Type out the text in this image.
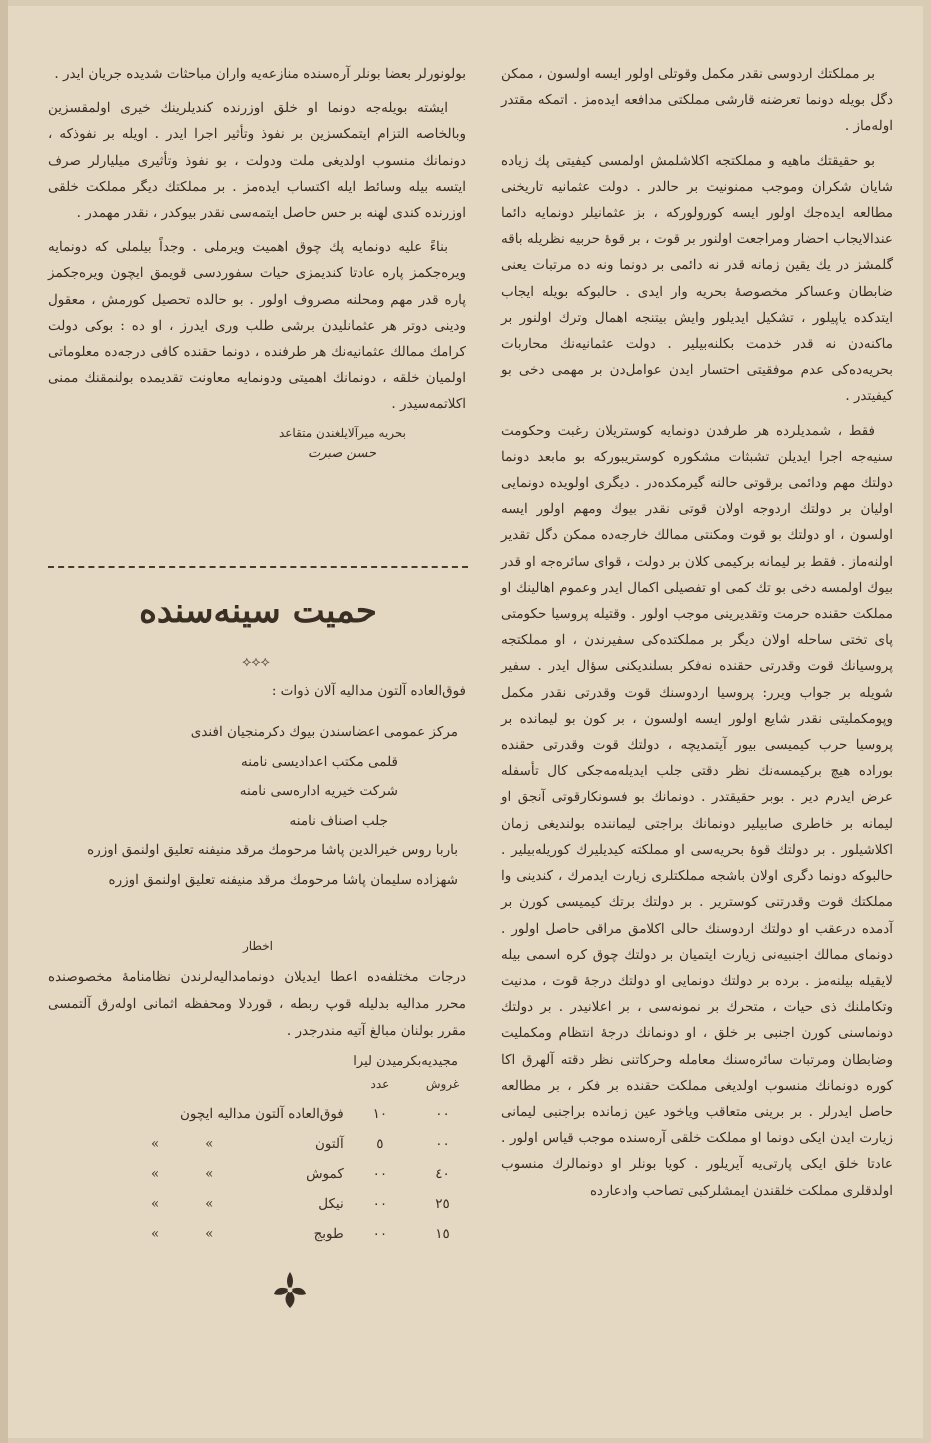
بر مملکتك اردوسی نقدر مکمل وقوتلی اولور ایسه اولسون ، ممکن دگل بویله دونما تعرضنه قارشی مملکتی مدافعه ایده‌مز . اتمکه مقتدر اوله‌ماز .

بو حقیقتك ماهیه و مملکتجه اکلاشلمش اولمسی کیفیتی پك زیاده شایان شکران وموجب ممنونیت بر حالدر . دولت عثمانیه تاریخنی مطالعه ایده‌جك اولور ایسه کورولورکه ، بز عثمانیلر دونمایه دائما عندالایجاب احضار ومراجعت اولنور بر قوت ، بر قوهٔ حربیه نظریله باقه‌ گلمشز در یك یقین زمانه قدر نه دائمی بر دونما ونه ده مرتبات یعنی ضابطان وعساکر مخصوصهٔ بحریه وار ایدی . حالبوکه بویله ایجاب ایتدکده یاپیلور ، تشکیل ایدیلور وایش بیتنجه اهمال وترك اولنور بر ماکنه‌دن نه قدر خدمت بکلنه‌بیلیر . دولت عثمانیه‌نك محاربات بحریه‌ده‌کی عدم موفقیتی احتسار ایدن عوامل‌دن بر مهمی دخی بو کیفیتدر .

فقط ، شمدیلرده هر طرفدن دونمایه کوستریلان رغبت وحکومت سنیه‌جه اجرا ایدیلن تشبثات مشکوره کوستریبورکه بو مابعد دونما دولتك مهم ودائمی برقوتی حالنه گیرمکده‌در . دیگری اولویده دونمایی اولیان بر دولتك اردوجه اولان قوتی نقدر بیوك ومهم اولور ایسه اولسون ، او دولتك بو قوت ومکنتی ممالك خارجه‌ده ممکن دگل تقدیر اولنه‌ماز . فقط بر لیمانه برکیمی کلان بر دولت ، قوای سائره‌جه او قدر بیوك اولمسه دخی بو تك کمی او تفصیلی اکمال ایدر وعموم اهالینك او مملکت حقنده حرمت وتقدیرینی موجب اولور . وقتیله پروسیا حکومتی پای تختی ساحله اولان دیگر بر مملکتده‌کی سفیرندن ، او مملکتجه پروسیانك قوت وقدرتی حقنده نه‌فکر بسلندیکنی سؤال ایدر . سفیر شویله بر جواب ویرر: پروسیا اردوسنك قوت وقدرتی نقدر مکمل وپومکملیتی نقدر شایع اولور ایسه اولسون ، بر کون بو لیمانده بر پروسیا حرب کیمیسی بیور آیتمدیچه ، دولتك قوت وقدرتی حقنده بوراده هیچ برکیمسه‌نك نظر دقتی جلب ایدیله‌مه‌جکی کال تأسفله عرض ایدرم دیر . بوبر حقیقتدر . دونمانك بو فسونکارقوتی آنجق او لیمانه بر خاطری صابیلیر دونمانك براجتی لیماننده بولندیغی زمان اکلاشیلور . بر دولتك قوهٔ بحریه‌سی او مملکته کیدیلیرك کوریله‌بیلیر . حالبوکه دونما دگری اولان باشجه مملکتلری زیارت ایدمرك ، کندینی وا مملکتك قوت وقدرتنی کوستریر . بر دولتك برتك کیمیسی کورن بر آدمده درعقب او دولتك اردوسنك حالی اکلامق مراقی حاصل اولور . دونمای ممالك اجنبیه‌نی زیارت ایتمیان بر دولتك چوق کره اسمی بیله لایقیله بیلنه‌مز . برده بر دولتك دونمایی او دولتك درجهٔ قوت ، مدنیت وتکاملنك ذی حیات ، متحرك بر نمونه‌سی ، بر اعلانیدر . بر دولتك دونماسنی کورن اجنبی بر خلق ، او دونمانك درجهٔ انتظام ومکملیت وضابطان ومرتبات سائره‌سنك معامله وحرکاتنی نظر دقته آلهرق اکا کوره دونمانك منسوب اولدیغی مملکت حقنده بر فکر ، بر مطالعه حاصل ایدرلر . بر برینی متعاقب ویاخود عین زمانده براجنبی لیمانی زیارت ایدن ایکی دونما او مملکت خلقی آره‌سنده موجب قیاس اولور . عادتا خلق ایکی پارتی‌یه آیریلور . کویا بونلر او دونمالرك منسوب اولدقلری مملکت خلقندن ایمشلرکبی تصاحب وادعا‌رده

بولونورلر بعضا بونلر آره‌سنده منازعه‌یه واران مباحثات شدیده جریان ایدر .

ایشته بویله‌جه دونما او خلق اوزرنده کندیلرینك خیری اولمقسزین وبالخاصه التزام ایتمکسزین بر نفوذ وتأثیر اجرا ایدر . اویله بر نفوذکه ، دونمانك منسوب اولدیغی ملت ودولت ، بو نفوذ وتأثیری میلیارلر صرف ایتسه بیله وسائط ایله اکتساب ایده‌مز . بر مملکتك دیگر مملکت خلقی اوزرنده کندی لهنه بر حس حاصل ایتمه‌سی نقدر بیوکدر ، نقدر مهمدر .

بناءً علیه دونمایه پك چوق اهمیت ویرملی . وجداً بیلملی که دونمایه ویره‌جکمز پاره عادتا کندیمزی حیات سفوردسی قویمق ایچون ویره‌جکمز پاره قدر مهم ومحلنه مصروف اولور . بو حالده تحصیل کورمش ، معقول ودینی دوتر هر عثمانلیدن برشی طلب وری ایدرز ، او ده : بوکی دولت کرامك ممالك عثمانیه‌نك هر طرفنده ، دونما حقنده کافی درجه‌ده معلوماتی اولمیان خلقه ، دونمانك اهمیتی ودونمایه معاونت تقدیمده بولنمقنك ممنی اکلاتمه‌سیدر .

بحریه میرآلایلغندن متقاعد
حسن صبرت
حمیت سینه‌سنده
⟡⟡⟡
فوق‌العاده آلتون مدالیه آلان ذوات :
مرکز عمومی اعضاسندن بیوك دکرمنجیان افندی
قلمی مکتب اعدادیسی نامنه
شرکت خیریه اداره‌سی نامنه
جلب اصناف نامنه
باربا روس خیرالدین پاشا مرحومك مرقد منیفنه تعلیق اولنمق اوزره
شهزاده سلیمان پاشا مرحومك مرقد منیفنه تعلیق اولنمق اوزره
اخطار

درجات مختلفه‌ده اعطا ایدیلان دونمامدالیه‌لرندن نظامنامهٔ مخصوصنده محرر مدالیه بدلیله قوپ ربطه ، قوردلا ومحفظه اثمانی اوله‌رق آلتمسی مقرر بولنان مبالغ آتیه مندرجدر .

مجیدیه‌بکرمیدن لیرا
غروش	عدد			
٠٠	١٠	فوق‌العاده آلتون مدالیه ایچون		
٠٠	٥	آلتون	»	»
٤٠	٠٠	کموش	»	»
٢٥	٠٠	نیکل	»	»
١٥	٠٠	طوبج	»	»
